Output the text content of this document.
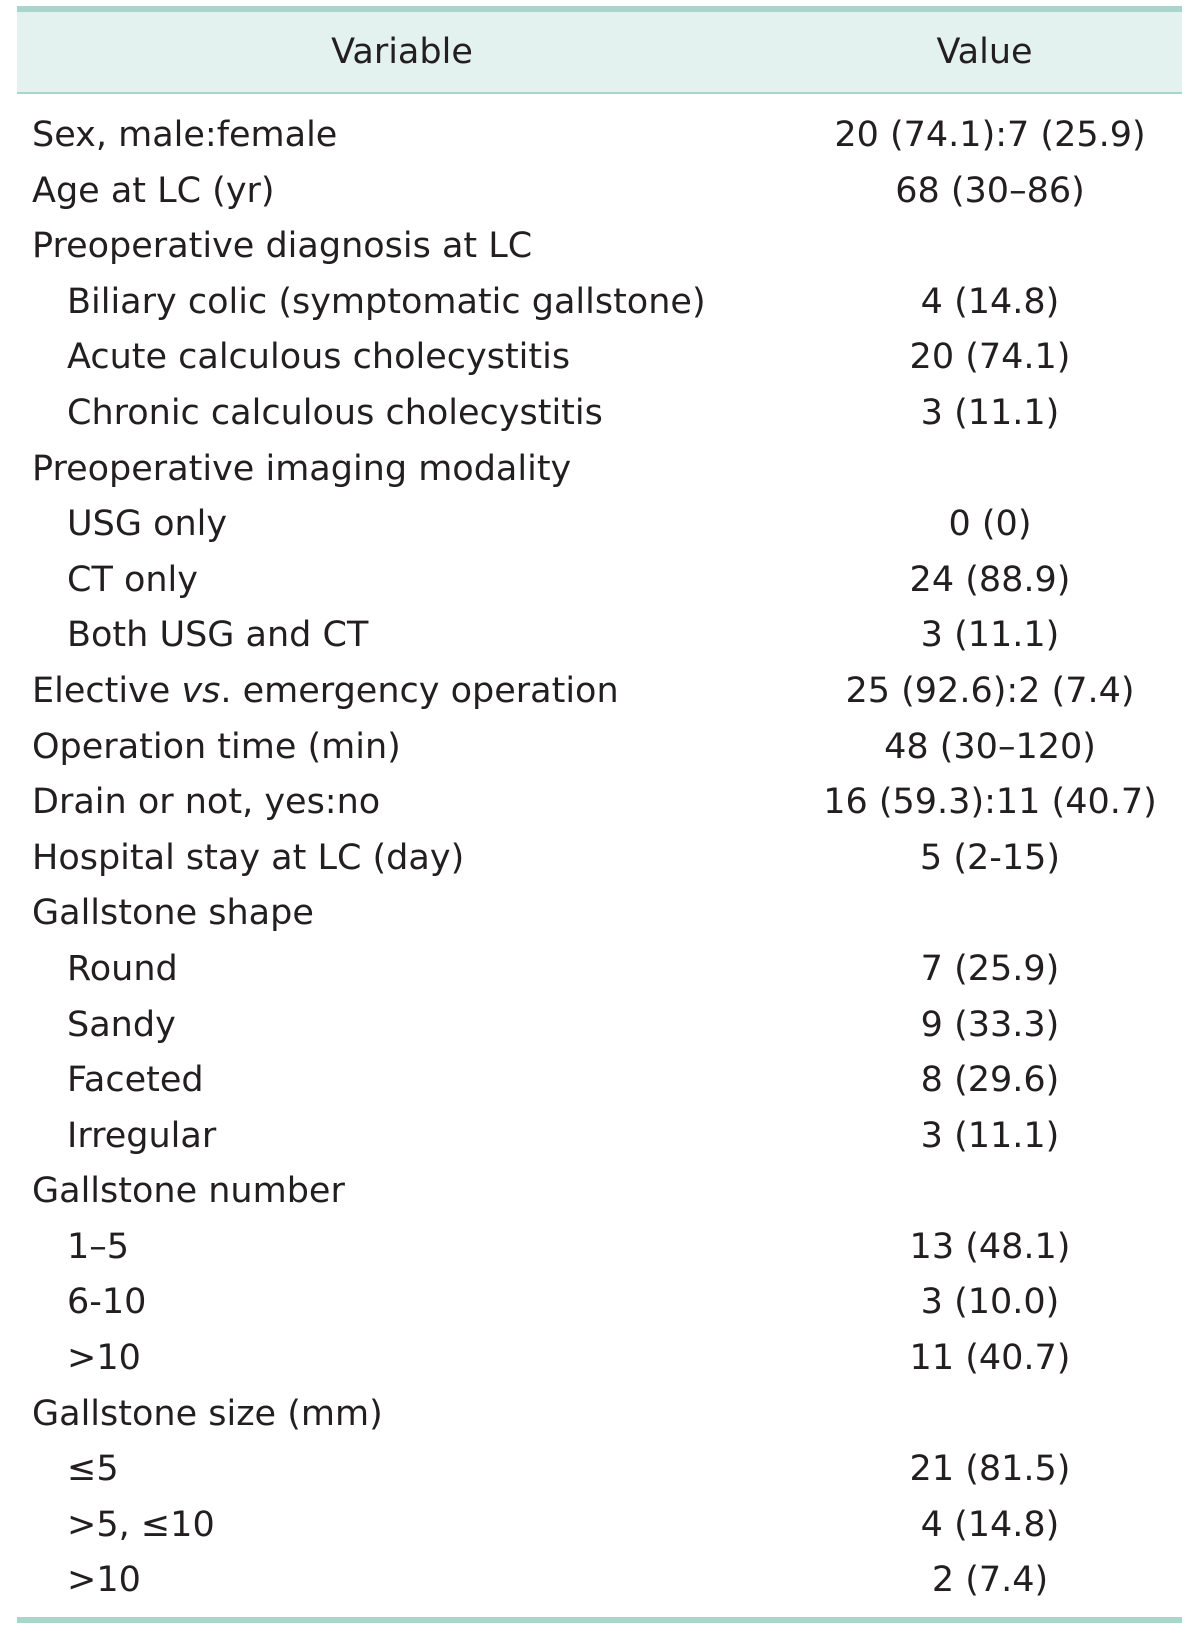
Variable	Value
Sex, male:female	20 (74.1):7 (25.9)
Age at LC (yr)	68 (30–86)
Preoperative diagnosis at LC
Biliary colic (symptomatic gallstone)	4 (14.8)
Acute calculous cholecystitis	20 (74.1)
Chronic calculous cholecystitis	3 (11.1)
Preoperative imaging modality
USG only	0 (0)
CT only	24 (88.9)
Both USG and CT	3 (11.1)
Elective vs. emergency operation	25 (92.6):2 (7.4)
Operation time (min)	48 (30–120)
Drain or not, yes:no	16 (59.3):11 (40.7)
Hospital stay at LC (day)	5 (2-15)
Gallstone shape
Round	7 (25.9)
Sandy	9 (33.3)
Faceted	8 (29.6)
Irregular	3 (11.1)
Gallstone number
1–5	13 (48.1)
6-10	3 (10.0)
>10	11 (40.7)
Gallstone size (mm)
≤5	21 (81.5)
>5, ≤10	4 (14.8)
>10	2 (7.4)
